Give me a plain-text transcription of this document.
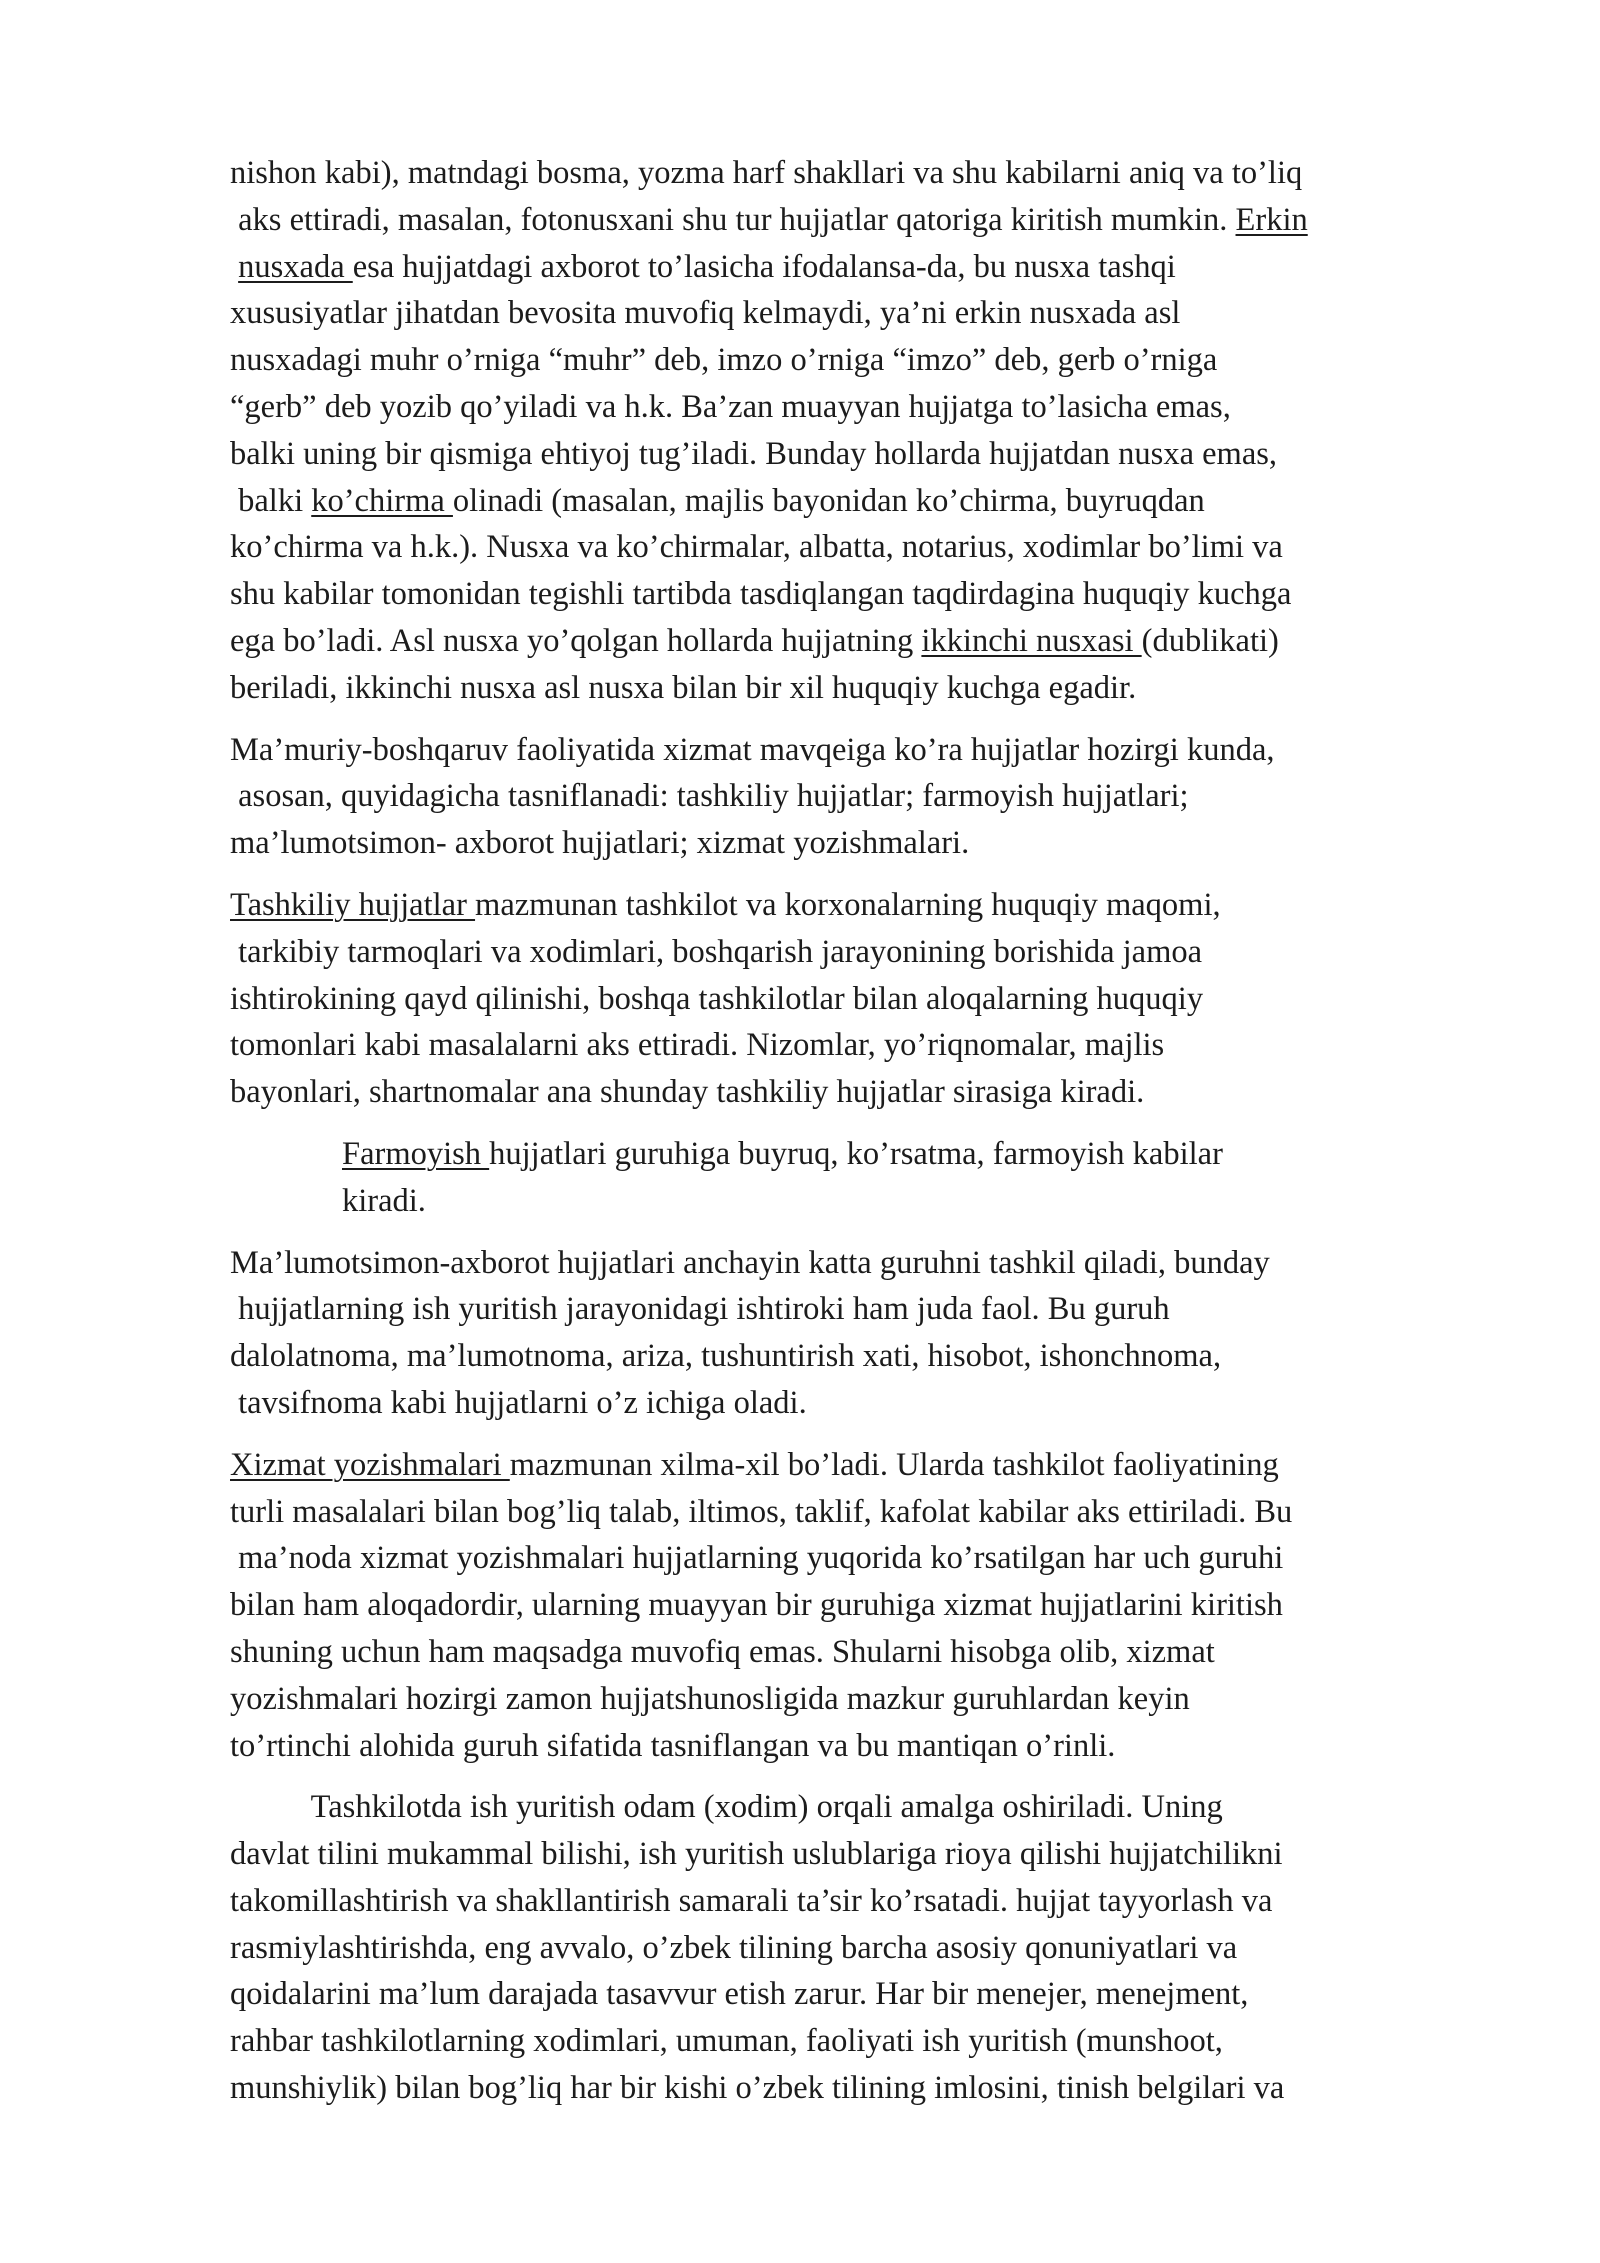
nishon kabi), matndagi bosma, yozma harf shakllari va shu kabilarni aniq va to’liq
aks ettiradi, masalan, fotonusxani shu tur hujjatlar qatoriga kiritish mumkin. Erkin
nusxada esa hujjatdagi axborot to’lasicha ifodalansa-da, bu nusxa tashqi
xususiyatlar jihatdan bevosita muvofiq kelmaydi, ya’ni erkin nusxada asl
nusxadagi muhr o’rniga “muhr” deb, imzo o’rniga “imzo” deb, gerb o’rniga
“gerb” deb yozib qo’yiladi va h.k. Ba’zan muayyan hujjatga to’lasicha emas,
balki uning bir qismiga ehtiyoj tug’iladi. Bunday hollarda hujjatdan nusxa emas,
balki ko’chirma olinadi (masalan, majlis bayonidan ko’chirma, buyruqdan
ko’chirma va h.k.). Nusxa va ko’chirmalar, albatta, notarius, xodimlar bo’limi va
shu kabilar tomonidan tegishli tartibda tasdiqlangan taqdirdagina huquqiy kuchga
ega bo’ladi. Asl nusxa yo’qolgan hollarda hujjatning ikkinchi nusxasi (dublikati)
beriladi, ikkinchi nusxa asl nusxa bilan bir xil huquqiy kuchga egadir.
Ma’muriy-boshqaruv faoliyatida xizmat mavqeiga ko’ra hujjatlar hozirgi kunda,
asosan, quyidagicha tasniflanadi: tashkiliy hujjatlar; farmoyish hujjatlari;
ma’lumotsimon- axborot hujjatlari; xizmat yozishmalari.
Tashkiliy hujjatlar mazmunan tashkilot va korxonalarning huquqiy maqomi,
tarkibiy tarmoqlari va xodimlari, boshqarish jarayonining borishida jamoa
ishtirokining qayd qilinishi, boshqa tashkilotlar bilan aloqalarning huquqiy
tomonlari kabi masalalarni aks ettiradi. Nizomlar, yo’riqnomalar, majlis
bayonlari, shartnomalar ana shunday tashkiliy hujjatlar sirasiga kiradi.
Farmoyish hujjatlari guruhiga buyruq, ko’rsatma, farmoyish kabilar
kiradi.
Ma’lumotsimon-axborot hujjatlari anchayin katta guruhni tashkil qiladi, bunday
hujjatlarning ish yuritish jarayonidagi ishtiroki ham juda faol. Bu guruh
dalolatnoma, ma’lumotnoma, ariza, tushuntirish xati, hisobot, ishonchnoma,
tavsifnoma kabi hujjatlarni o’z ichiga oladi.
Xizmat yozishmalari mazmunan xilma-xil bo’ladi. Ularda tashkilot faoliyatining
turli masalalari bilan bog’liq talab, iltimos, taklif, kafolat kabilar aks ettiriladi. Bu
ma’noda xizmat yozishmalari hujjatlarning yuqorida ko’rsatilgan har uch guruhi
bilan ham aloqadordir, ularning muayyan bir guruhiga xizmat hujjatlarini kiritish
shuning uchun ham maqsadga muvofiq emas. Shularni hisobga olib, xizmat
yozishmalari hozirgi zamon hujjatshunosligida mazkur guruhlardan keyin
to’rtinchi alohida guruh sifatida tasniflangan va bu mantiqan o’rinli.
Tashkilotda ish yuritish odam (xodim) orqali amalga oshiriladi. Uning
davlat tilini mukammal bilishi, ish yuritish uslublariga rioya qilishi hujjatchilikni
takomillashtirish va shakllantirish samarali ta’sir ko’rsatadi. hujjat tayyorlash va
rasmiylashtirishda, eng avvalo, o’zbek tilining barcha asosiy qonuniyatlari va
qoidalarini ma’lum darajada tasavvur etish zarur. Har bir menejer, menejment,
rahbar tashkilotlarning xodimlari, umuman, faoliyati ish yuritish (munshoot,
munshiylik) bilan bog’liq har bir kishi o’zbek tilining imlosini, tinish belgilari va
